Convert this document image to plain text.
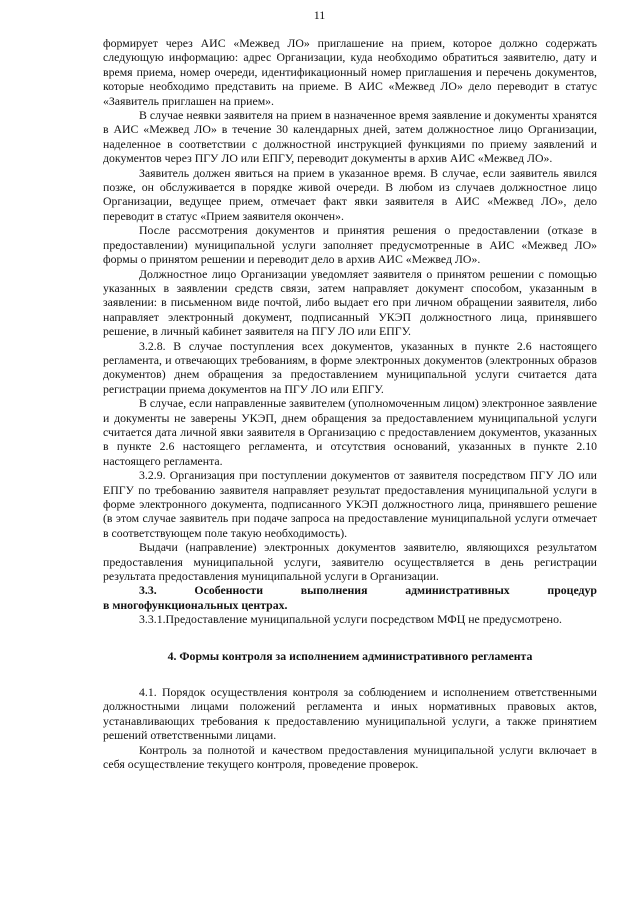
11

формирует через АИС «Межвед ЛО» приглашение на прием, которое должно содержать следующую информацию: адрес Организации, куда необходимо обратиться заявителю, дату и время приема, номер очереди, идентификационный номер приглашения и перечень документов, которые необходимо представить на приеме. В АИС «Межвед ЛО» дело переводит в статус «Заявитель приглашен на прием».

В случае неявки заявителя на прием в назначенное время заявление и документы хранятся в АИС «Межвед ЛО» в течение 30 календарных дней, затем должностное лицо Организации, наделенное в соответствии с должностной инструкцией функциями по приему заявлений и документов через ПГУ ЛО или ЕПГУ, переводит документы в архив АИС «Межвед ЛО».

Заявитель должен явиться на прием в указанное время. В случае, если заявитель явился позже, он обслуживается в порядке живой очереди. В любом из случаев должностное лицо Организации, ведущее прием, отмечает факт явки заявителя в АИС «Межвед ЛО», дело переводит в статус «Прием заявителя окончен».

После рассмотрения документов и принятия решения о предоставлении (отказе в предоставлении) муниципальной услуги заполняет предусмотренные в АИС «Межвед ЛО» формы о принятом решении и переводит дело в архив АИС «Межвед ЛО».

Должностное лицо Организации уведомляет заявителя о принятом решении с помощью указанных в заявлении средств связи, затем направляет документ способом, указанным в заявлении: в письменном виде почтой, либо выдает его при личном обращении заявителя, либо направляет электронный документ, подписанный УКЭП должностного лица, принявшего решение, в личный кабинет заявителя на ПГУ ЛО или ЕПГУ.

3.2.8. В случае поступления всех документов, указанных в пункте 2.6 настоящего регламента, и отвечающих требованиям, в форме электронных документов (электронных образов документов) днем обращения за предоставлением муниципальной услуги считается дата регистрации приема документов на ПГУ ЛО или ЕПГУ.

В случае, если направленные заявителем (уполномоченным лицом) электронное заявление и документы не заверены УКЭП, днем обращения за предоставлением муниципальной услуги считается дата личной явки заявителя в Организацию с предоставлением документов, указанных в пункте 2.6 настоящего регламента, и отсутствия оснований, указанных в пункте 2.10 настоящего регламента.

3.2.9. Организация при поступлении документов от заявителя посредством ПГУ ЛО или ЕПГУ по требованию заявителя направляет результат предоставления муниципальной услуги в форме электронного документа, подписанного УКЭП должностного лица, принявшего решение (в этом случае заявитель при подаче запроса на предоставление муниципальной услуги отмечает в соответствующем поле такую необходимость).

Выдачи (направление) электронных документов заявителю, являющихся результатом предоставления муниципальной услуги, заявителю осуществляется в день регистрации результата предоставления муниципальной услуги в Организации.

3.3.	Особенности	выполнения	административных	процедур
в многофункциональных центрах.

3.3.1.Предоставление муниципальной услуги посредством МФЦ не предусмотрено.

4. Формы контроля за исполнением административного регламента

4.1. Порядок осуществления контроля за соблюдением и исполнением ответственными должностными лицами положений регламента и иных нормативных правовых актов, устанавливающих требования к предоставлению муниципальной услуги, а также принятием решений ответственными лицами.

Контроль за полнотой и качеством предоставления муниципальной услуги включает в себя осуществление текущего контроля, проведение проверок.
